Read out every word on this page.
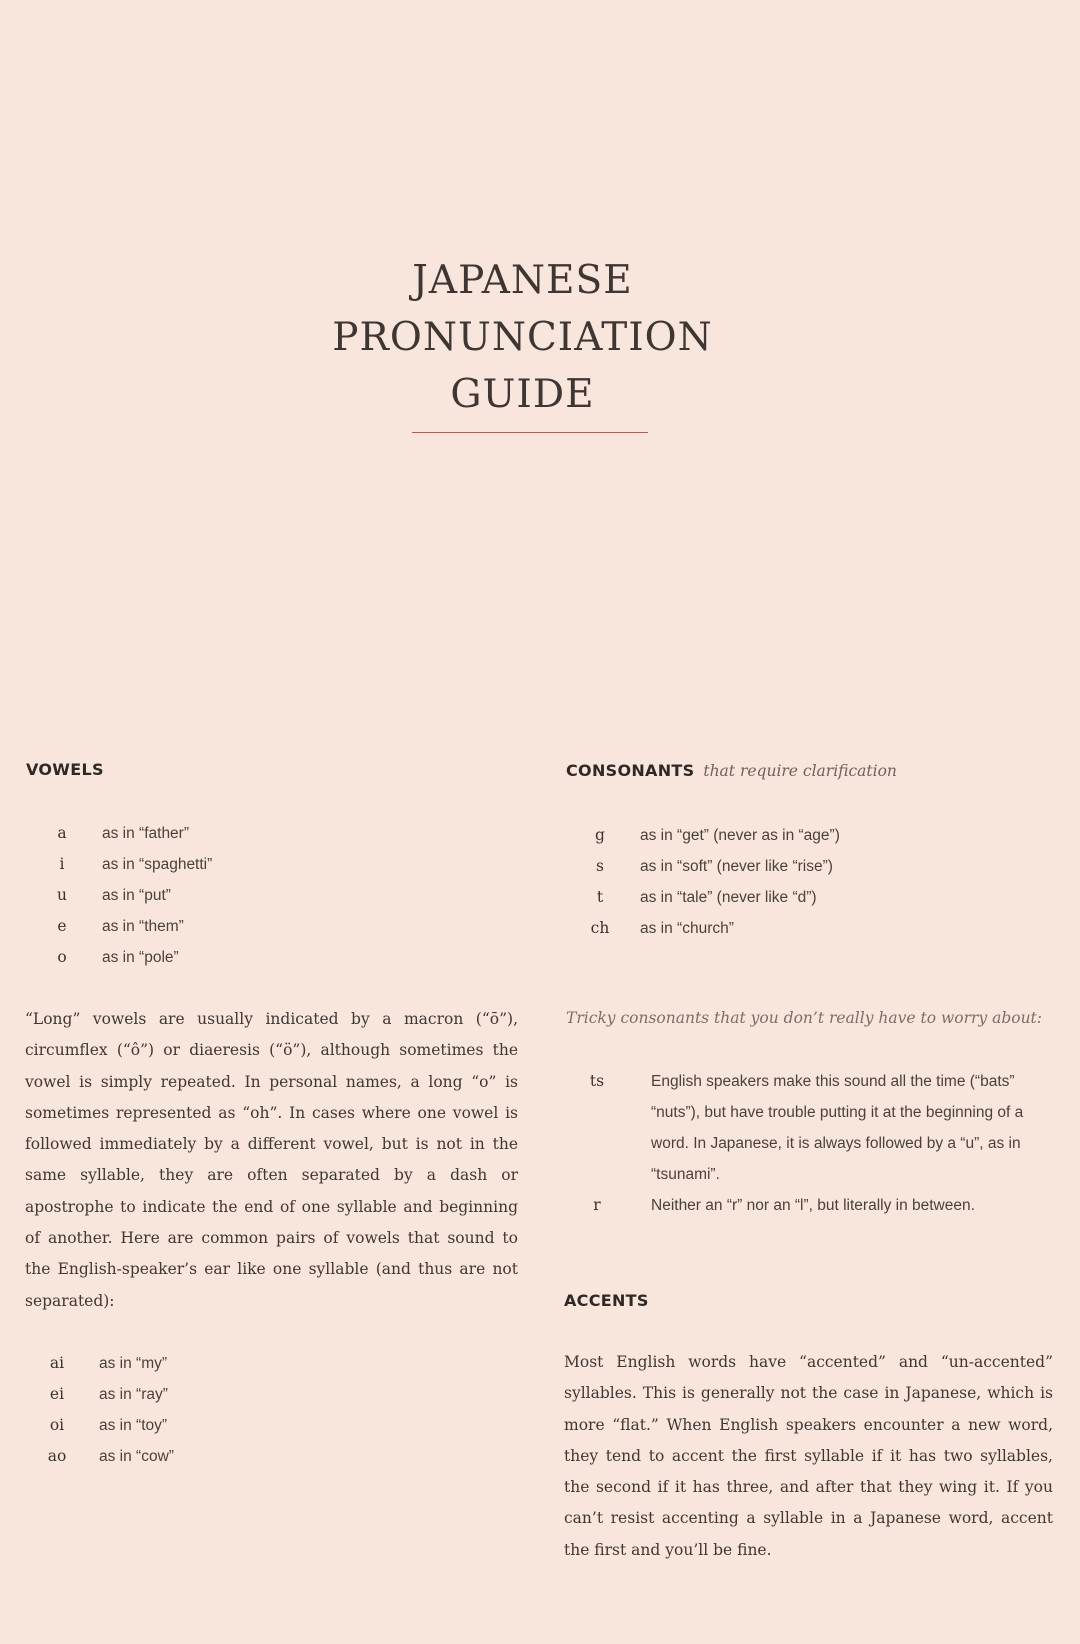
JAPANESE
PRONUNCIATION
GUIDE
VOWELS
a	as in “father”
i	as in “spaghetti”
u	as in “put”
e	as in “them”
o	as in “pole”
“Long” vowels are usually indicated by a macron (“ō”), circumflex (“ô”) or diaeresis (“ö”), although sometimes the vowel is simply repeated. In personal names, a long “o” is sometimes represented as “oh”. In cases where one vowel is followed immediately by a different vowel, but is not in the same syllable, they are often separated by a dash or apostrophe to indicate the end of one syllable and beginning of another. Here are common pairs of vowels that sound to the English-speaker’s ear like one syllable (and thus are not separated):
ai	as in “my”
ei	as in “ray”
oi	as in “toy”
ao	as in “cow”
CONSONANTS that require clarification
g	as in “get” (never as in “age”)
s	as in “soft” (never like “rise”)
t	as in “tale” (never like “d”)
ch	as in “church”
Tricky consonants that you don’t really have to worry about:
ts	English speakers make this sound all the time (“bats” “nuts”), but have trouble putting it at the beginning of a word. In Japanese, it is always followed by a “u”, as in “tsunami”.
r	Neither an “r” nor an “l”, but literally in between.
ACCENTS
Most English words have “accented” and “un-accented” syllables. This is generally not the case in Japanese, which is more “flat.” When English speakers encounter a new word, they tend to accent the first syllable if it has two syllables, the second if it has three, and after that they wing it. If you can’t resist accenting a syllable in a Japanese word, accent the first and you’ll be fine.
